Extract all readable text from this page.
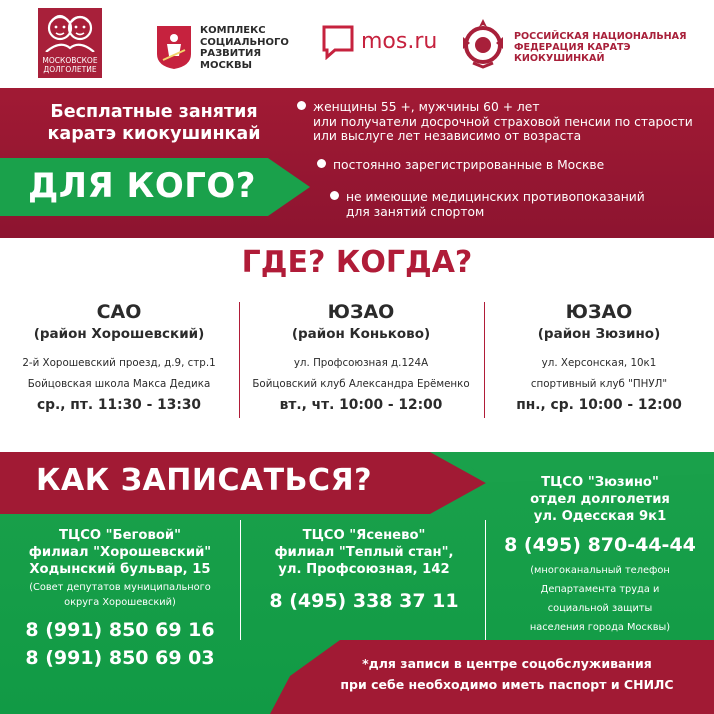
МОСКОВСКОЕ
ДОЛГОЛЕТИЕ
КОМПЛЕКС
СОЦИАЛЬНОГО
РАЗВИТИЯ
МОСКВЫ
mos.ru	РОССИЙСКАЯ НАЦИОНАЛЬНАЯ
ФЕДЕРАЦИЯ КАРАТЭ
КИОКУШИНКАЙ
Бесплатные занятия
каратэ киокушинкай
ДЛЯ КОГО?
женщины 55 +, мужчины 60 + лет
или получатели досрочной страховой пенсии по старости
или выслуге лет независимо от возраста
постоянно зарегистрированные в Москве
не имеющие медицинских противопоказаний
для занятий спортом
ГДЕ? КОГДА?
САО
(район Хорошевский)
2-й Хорошевский проезд, д.9, стр.1
Бойцовская школа Макса Дедика
ср., пт. 11:30 - 13:30
ЮЗАО
(район Коньково)
ул. Профсоюзная д.124А
Бойцовский клуб Александра Ерёменко
вт., чт. 10:00 - 12:00
ЮЗАО
(район Зюзино)
ул. Херсонская, 10к1
спортивный клуб "ПНУЛ"
пн., ср. 10:00 - 12:00
КАК ЗАПИСАТЬСЯ?
ТЦСО "Беговой"
филиал "Хорошевский"
Ходынский бульвар, 15
(Совет депутатов муниципального
округа Хорошевский)
8 (991) 850 69 16
8 (991) 850 69 03
ТЦСО "Ясенево"
филиал "Теплый стан",
ул. Профсоюзная, 142
8 (495) 338 37 11
ТЦСО "Зюзино"
отдел долголетия
ул. Одесская 9к1
8 (495) 870-44-44
(многоканальный телефон
Департамента труда и
социальной защиты
населения города Москвы)
*для записи в центре соцобслуживания
при себе необходимо иметь паспорт и СНИЛС
